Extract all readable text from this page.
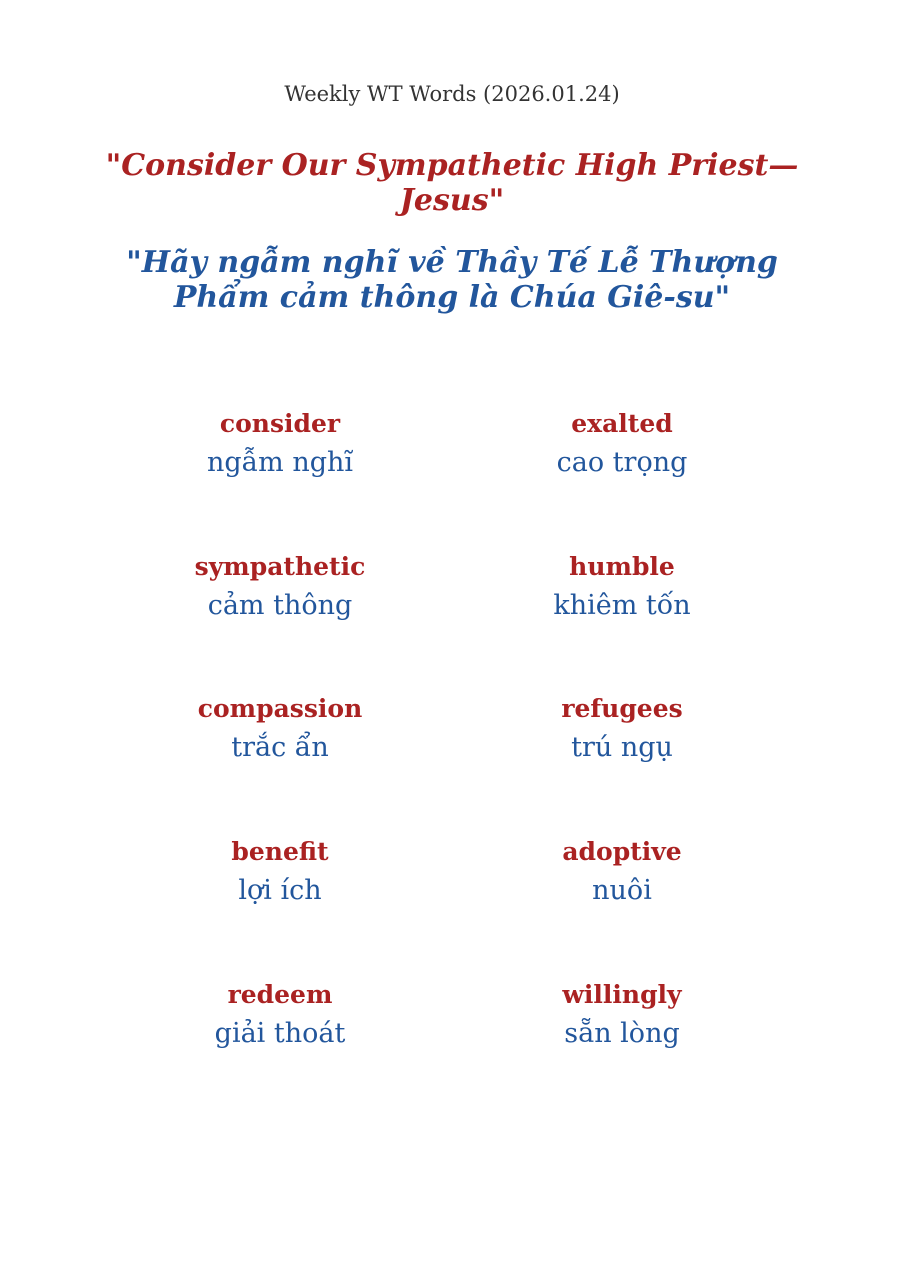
Weekly WT Words (2026.01.24)
"Consider Our Sympathetic High Priest—Jesus"
"Hãy ngẫm nghĩ về Thầy Tế Lễ Thượng Phẩm cảm thông là Chúa Giê-su"
consider
ngẫm nghĩ
exalted
cao trọng
sympathetic
cảm thông
humble
khiêm tốn
compassion
trắc ẩn
refugees
trú ngụ
benefit
lợi ích
adoptive
nuôi
redeem
giải thoát
willingly
sẵn lòng
